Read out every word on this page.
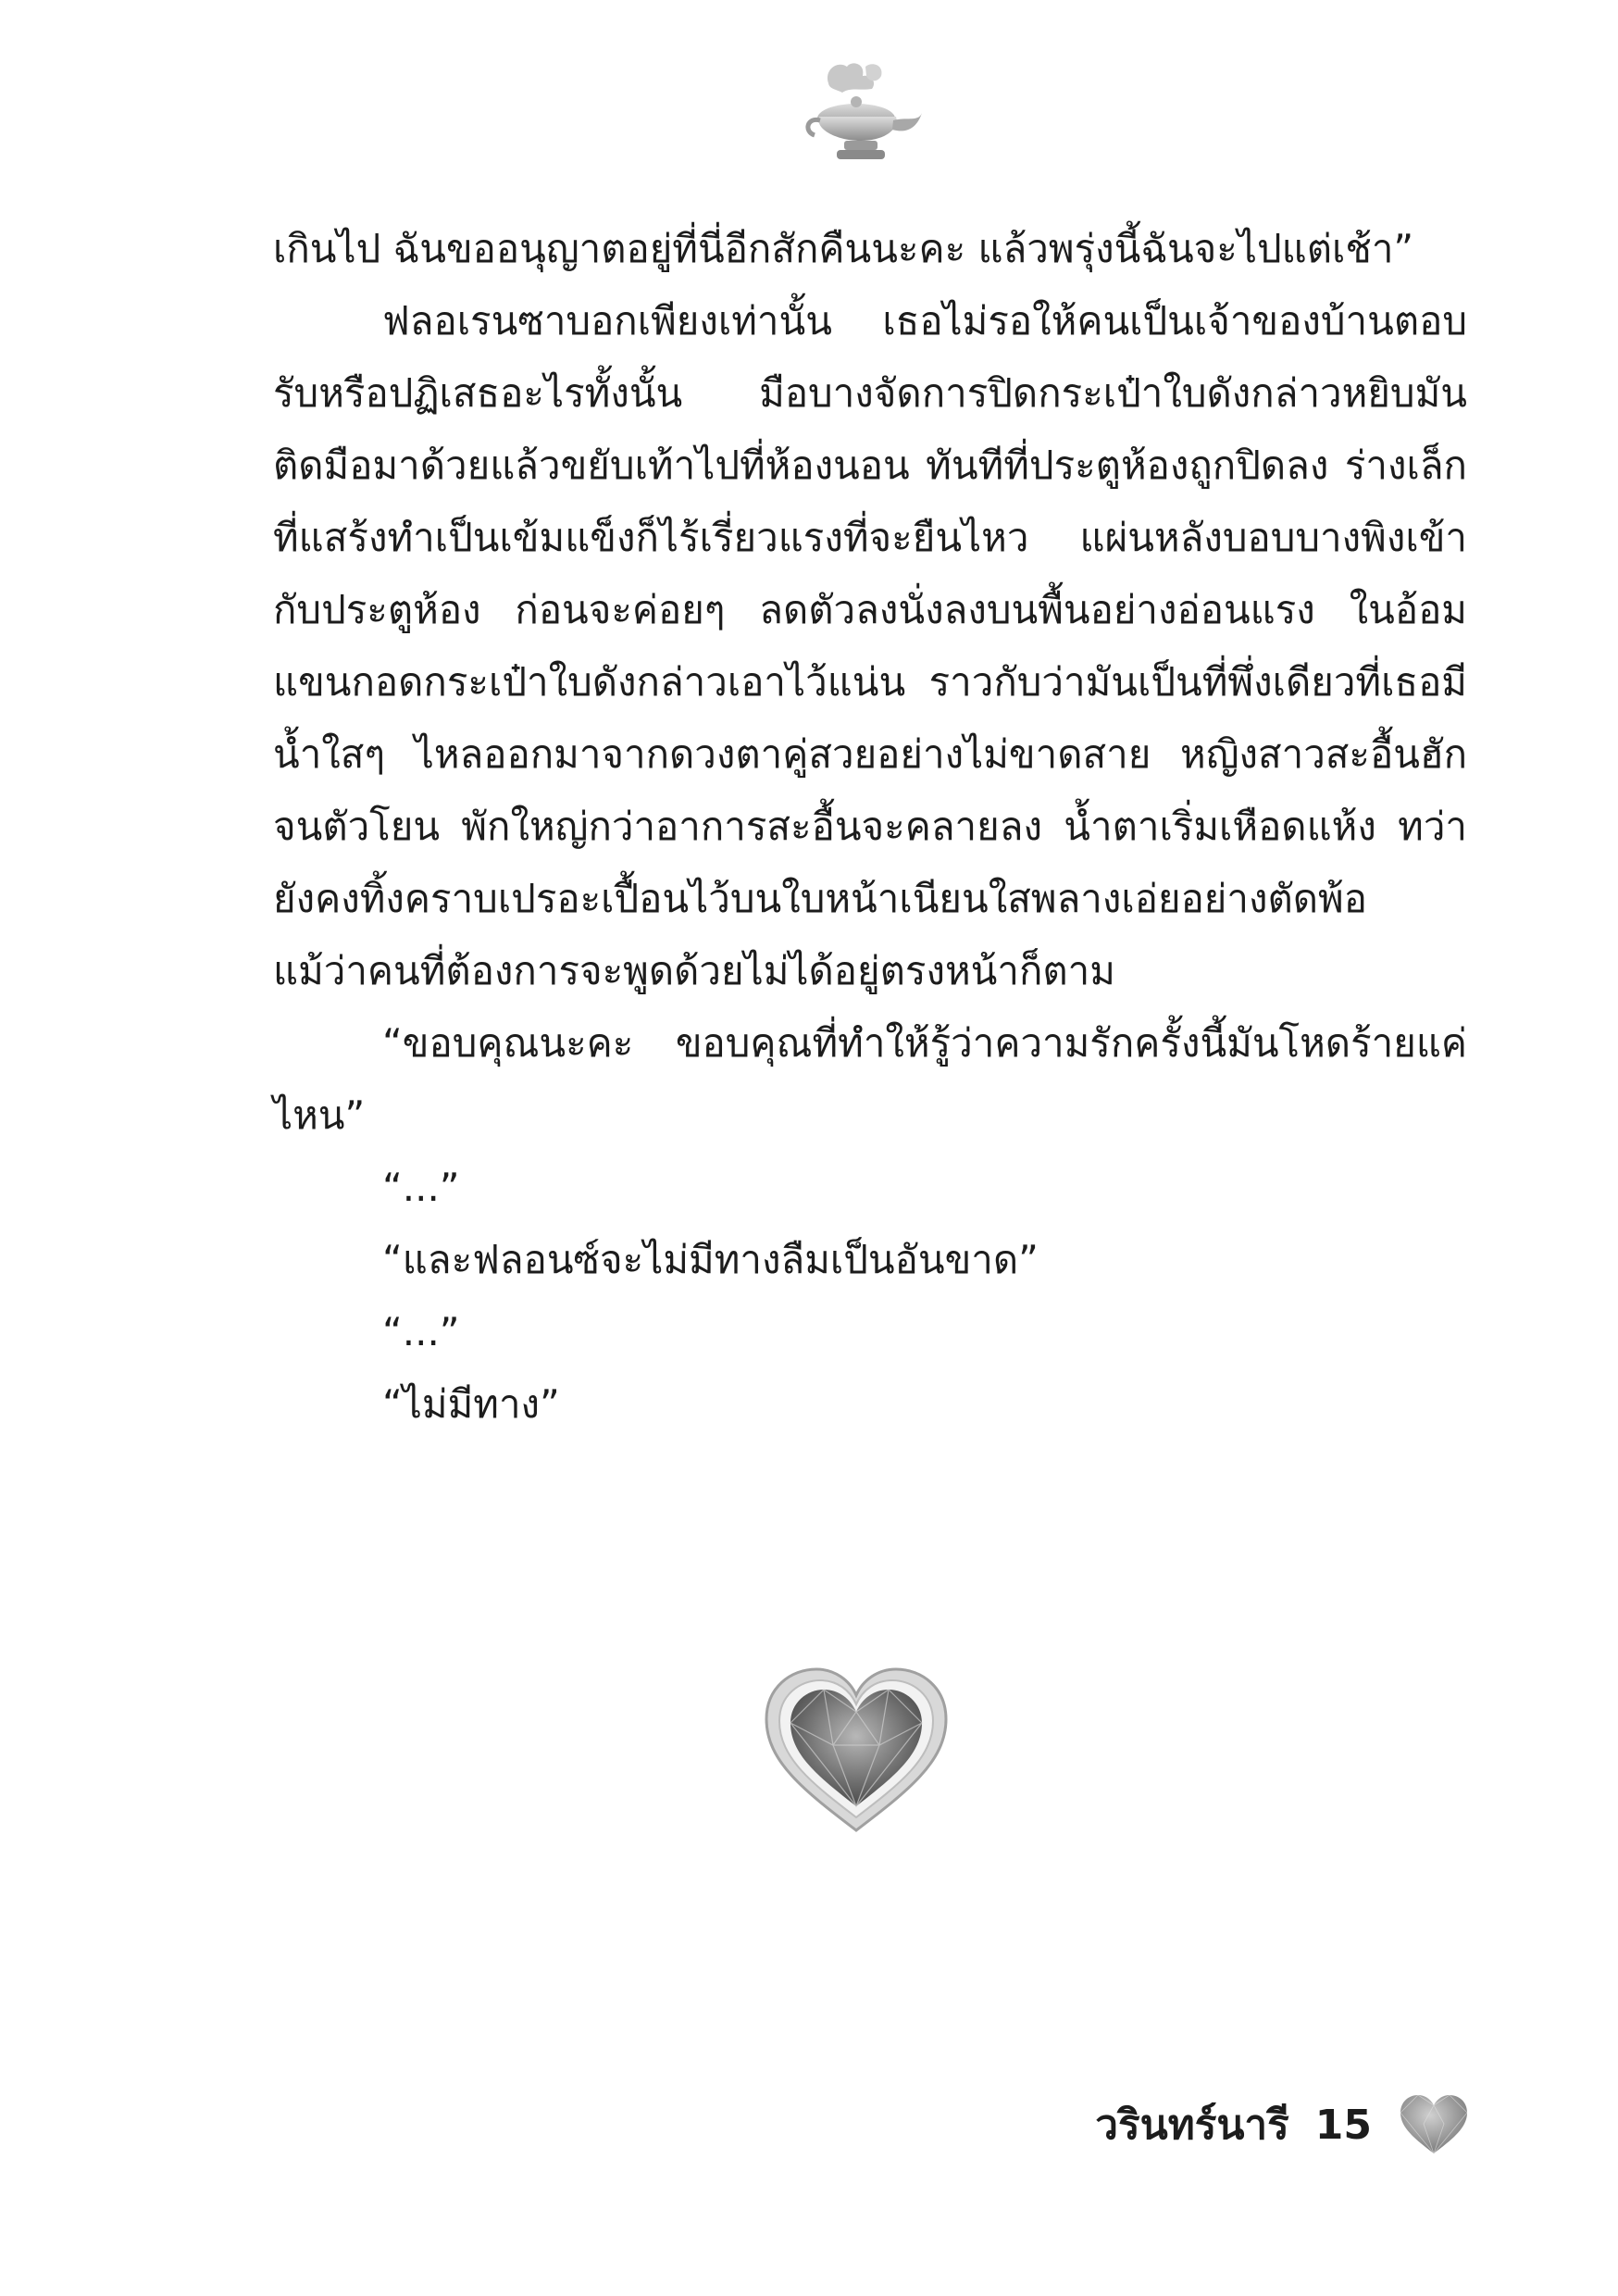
เกินไป ฉันขออนุญาตอยู่ที่นี่อีกสักคืนนะคะ แล้วพรุ่งนี้ฉันจะไปแต่เช้า”

ฟลอเรนซาบอกเพียงเท่านั้น เธอไม่รอให้คนเป็นเจ้าของบ้านตอบรับหรือปฏิเสธอะไรทั้งนั้น มือบางจัดการปิดกระเป๋าใบดังกล่าวหยิบมันติดมือมาด้วยแล้วขยับเท้าไปที่ห้องนอน ทันทีที่ประตูห้องถูกปิดลง ร่างเล็กที่แสร้งทำเป็นเข้มแข็งก็ไร้เรี่ยวแรงที่จะยืนไหว แผ่นหลังบอบบางพิงเข้ากับประตูห้อง ก่อนจะค่อยๆ ลดตัวลงนั่งลงบนพื้นอย่างอ่อนแรง ในอ้อมแขนกอดกระเป๋าใบดังกล่าวเอาไว้แน่น ราวกับว่ามันเป็นที่พึ่งเดียวที่เธอมี น้ำใสๆ ไหลออกมาจากดวงตาคู่สวยอย่างไม่ขาดสาย หญิงสาวสะอื้นฮักจนตัวโยน พักใหญ่กว่าอาการสะอื้นจะคลายลง น้ำตาเริ่มเหือดแห้ง ทว่ายังคงทิ้งคราบเปรอะเปื้อนไว้บนใบหน้าเนียนใสพลางเอ่ยอย่างตัดพ้อ แม้ว่าคนที่ต้องการจะพูดด้วยไม่ได้อยู่ตรงหน้าก็ตาม

“ขอบคุณนะคะ ขอบคุณที่ทำให้รู้ว่าความรักครั้งนี้มันโหดร้ายแค่ไหน”

“...”

“และฟลอนซ์จะไม่มีทางลืมเป็นอันขาด”

“...”

“ไม่มีทาง”

วรินทร์นารี 15
